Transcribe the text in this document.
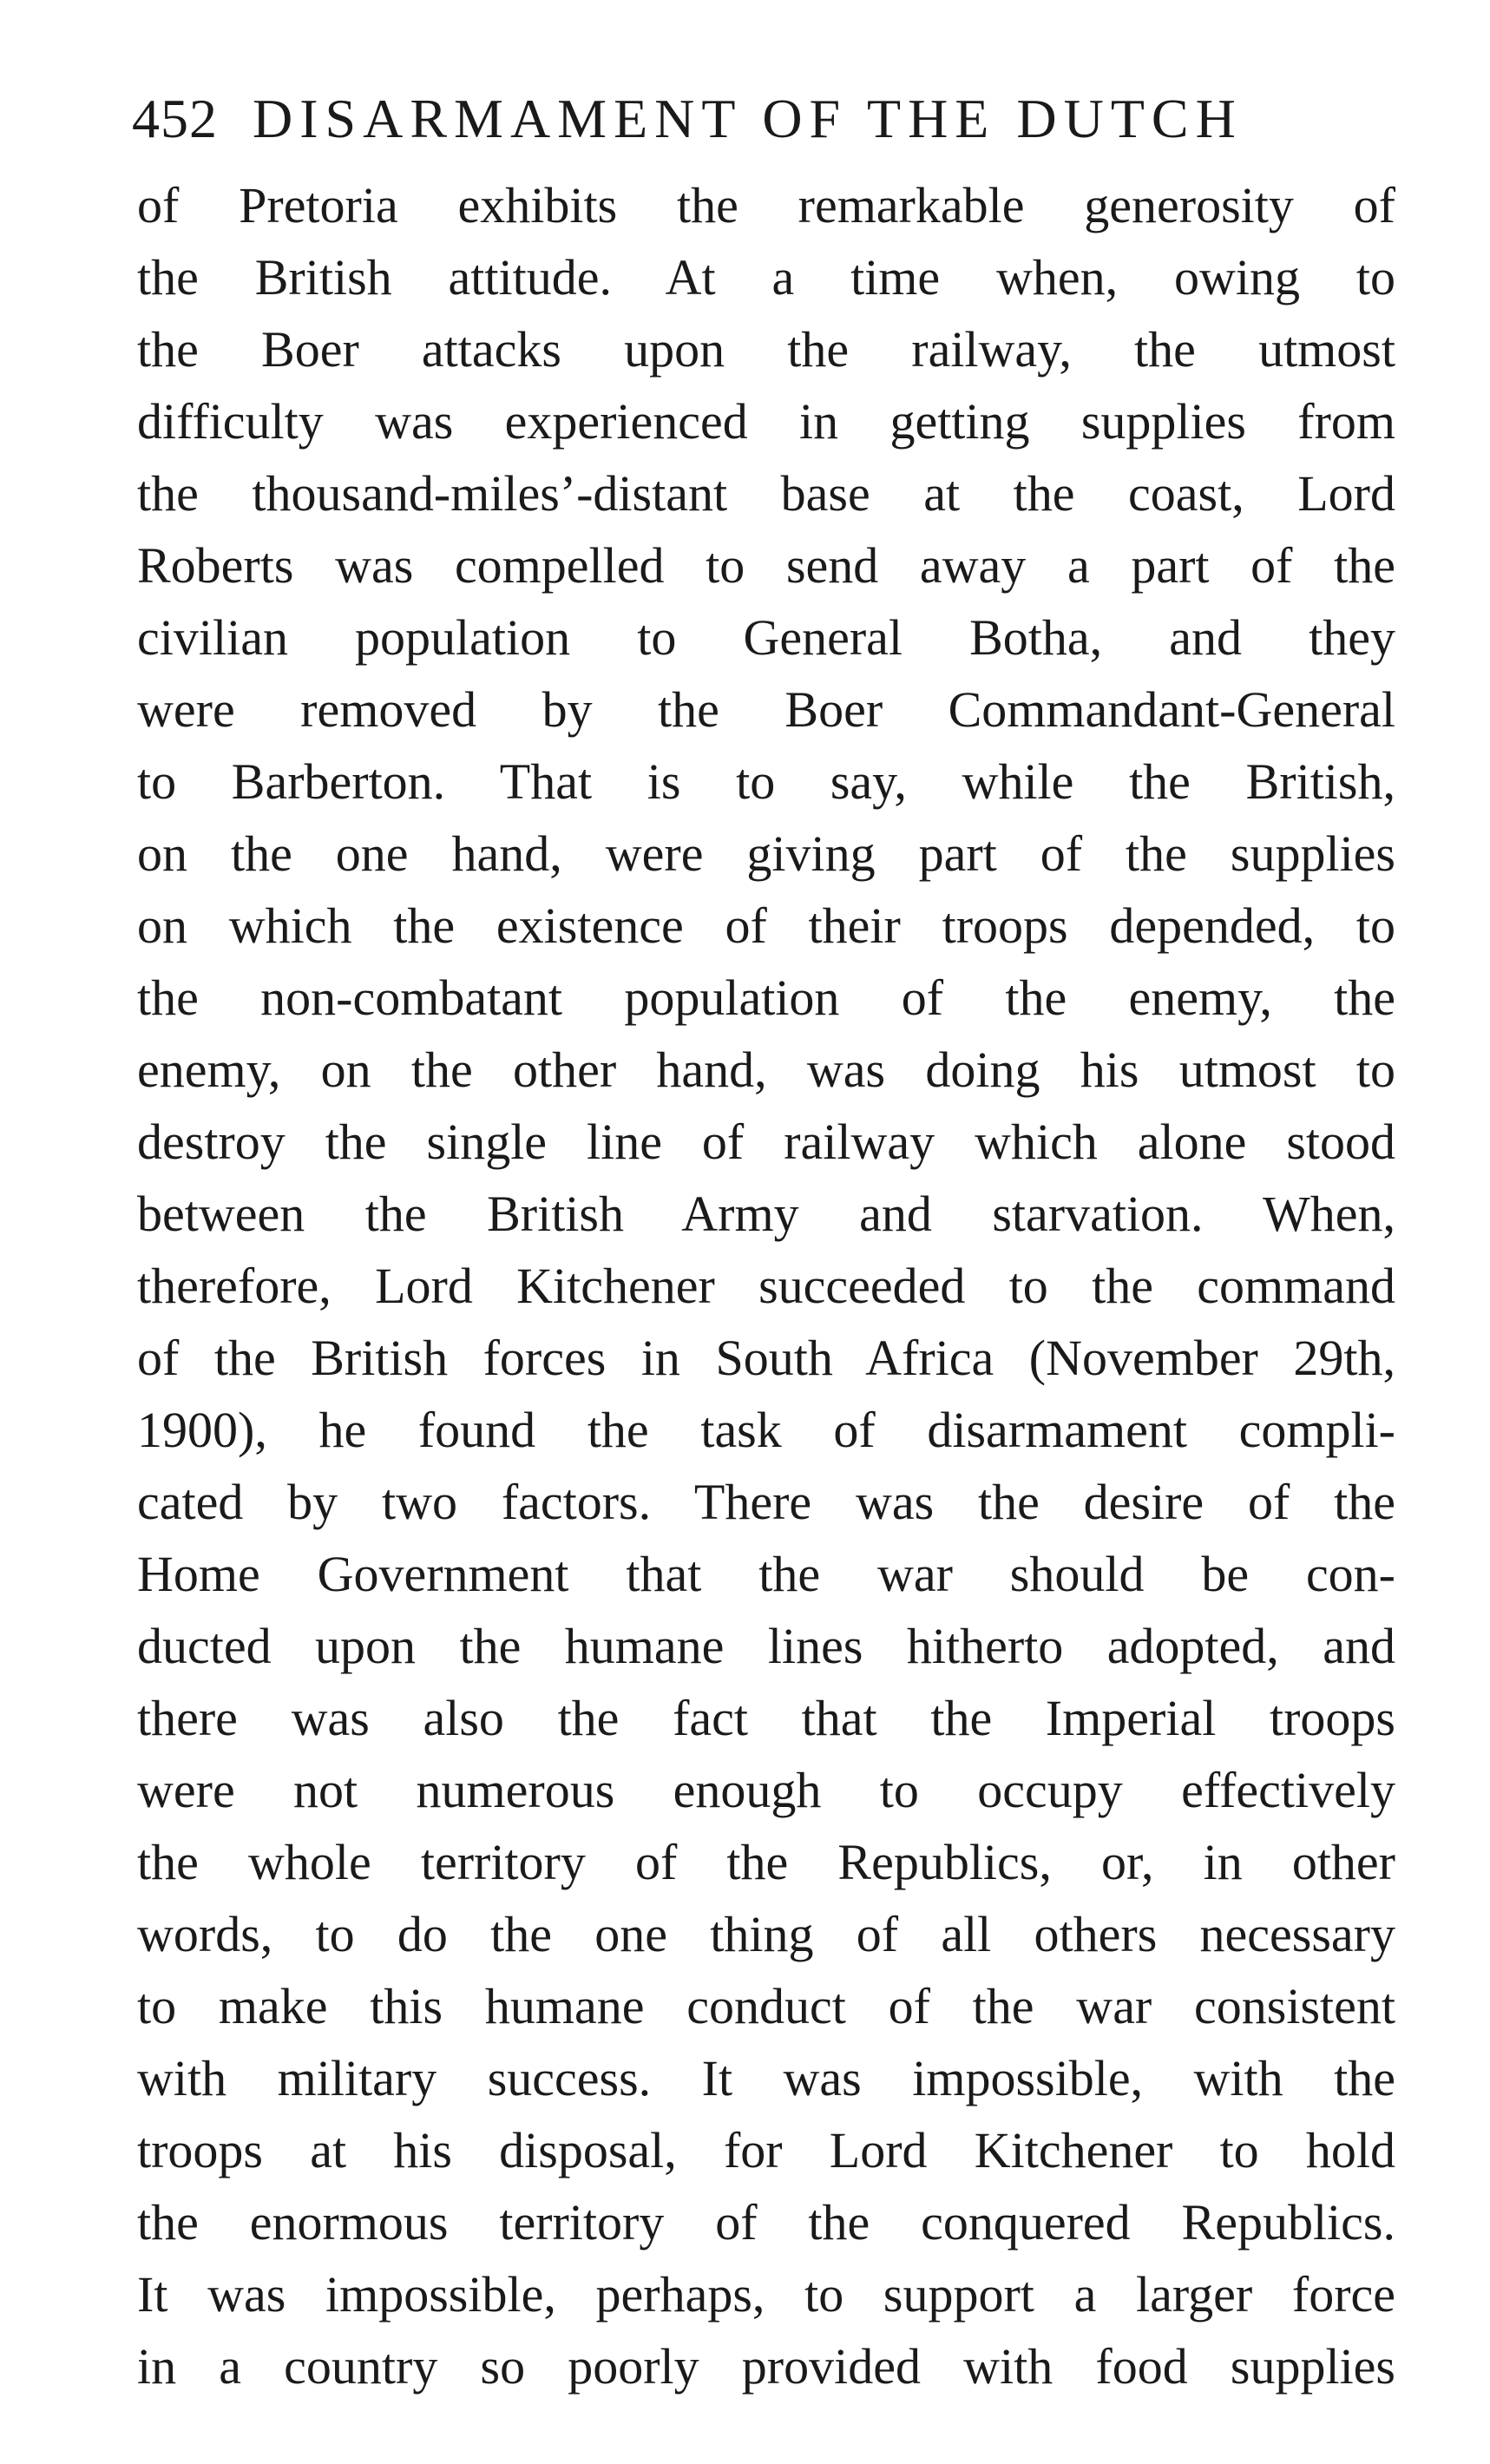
452 DISARMAMENT OF THE DUTCH
of Pretoria exhibits the remarkable generosity of
the British attitude. At a time when, owing to
the Boer attacks upon the railway, the utmost
difficulty was experienced in getting supplies from
the thousand-miles’-distant base at the coast, Lord
Roberts was compelled to send away a part of the
civilian population to General Botha, and they
were removed by the Boer Commandant-General
to Barberton. That is to say, while the British,
on the one hand, were giving part of the supplies
on which the existence of their troops depended, to
the non-combatant population of the enemy, the
enemy, on the other hand, was doing his utmost to
destroy the single line of railway which alone stood
between the British Army and starvation. When,
therefore, Lord Kitchener succeeded to the command
of the British forces in South Africa (November 29th,
1900), he found the task of disarmament compli-
cated by two factors. There was the desire of the
Home Government that the war should be con-
ducted upon the humane lines hitherto adopted, and
there was also the fact that the Imperial troops
were not numerous enough to occupy effectively
the whole territory of the Republics, or, in other
words, to do the one thing of all others necessary
to make this humane conduct of the war consistent
with military success. It was impossible, with the
troops at his disposal, for Lord Kitchener to hold
the enormous territory of the conquered Republics.
It was impossible, perhaps, to support a larger force
in a country so poorly provided with food supplies
